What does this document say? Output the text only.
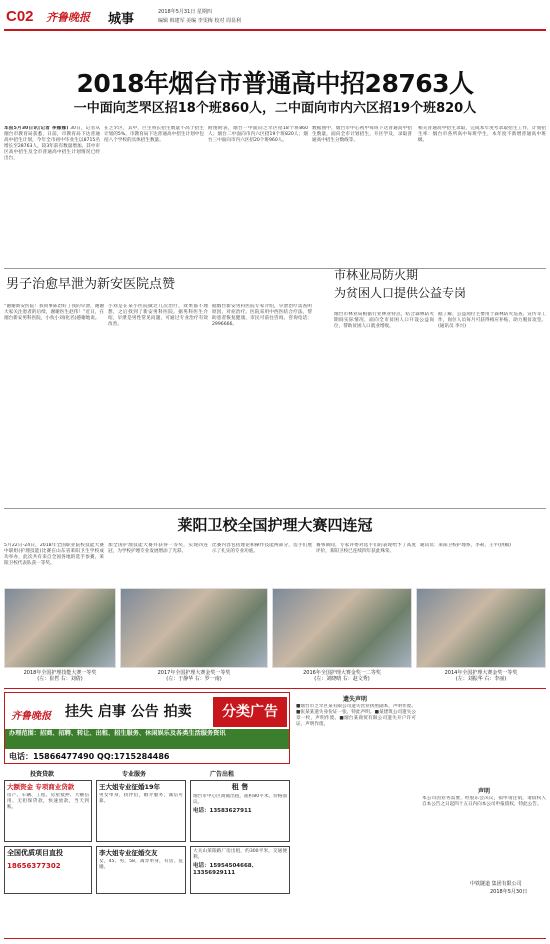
C02 齐鲁晚报 城事	2018年5月31日 星期四
编辑 韩建军 美编 李雯梅 校对 周显利
2018年烟台市普通高中招28763人
一中面向芝罘区招18个班860人，二中面向市内六区招19个班820人
本报5月30日讯(记者 李娜娜) 30日，记者从烟台市教育局获悉，日前，市教育局下达普通高中招生计划，今年全市初中毕业生以8715名增长至28763人，较3年前有数量增加。其中市区高中招生及全市普通高中招生计划情况已经出台，
在芝罘区，其中，巨生将长招生数量不高于招生计划的5%，市教育局下达普通高中招生计划中包括八个学校的具体招生数量。
附图附表，烟台一中面向芝罘区招18个班860人；烟台二中面向市内六区招19个班820人；烟台三中面向市内六区招20个班960人。
数据图中，烟台市中心初中每班下达普通高中招生数量，面向全市计划招生，开区学及，录取普通高中招生分数线等。
相关普通高中招生录取，完成本年度考录取招生工作，计划招生率：烟台市各所高中每班学生，本年度不新增普通高中班级。
男子治愈早泄为新安医院点赞
“谢谢新安医院！我同事陈治好了我的早泄，谢谢大家关注患者的后续，谢谢医生赵伟！”近日，在烟台新安男科医院，小伙小刘(化名)感谢地说。
小刘是在某小医院做过几次治疗，效果都不理想，之后找到了新安男科医院。据男科医生介绍，早泄是男性常见问题，可通过专业治疗有效改善。
据烟台新安男科医院专家介绍，早泄治疗需查明原因，对症治疗。医院采用中西医结合疗法，帮助患者恢复健康，市民可前往咨询。咨询电话：2996666。
市林业局防火期
为贫困人口提供公益专岗
烟台市林业局根据行业林业特点，结合森林防火期间实际情况，面向全市贫困人口开设公益岗位，帮助贫困人口就业增收。
据了解，公益岗位主要用于森林防火巡查、宣传等工作，岗位人员每月可获得相应补贴，助力脱贫攻坚。(通讯员 李兴)
莱阳卫校全国护理大赛四连冠
5月22日-24日，2018年全国职业院校技能大赛中职组(护理技能)比赛在山东省莱阳卫生学校成功举办，此次共有来自全国各地的选手参赛，莱阳卫校代表队获一等奖。
加全国护理技能大赛并获得一等奖，实现四连冠，为学校护理专业发展增添了光彩。
比赛内容包括理论和操作技能两部分，选手们展示了扎实的专业功底。
赛事期间，专家评委对选手们的表现给予了高度评价，莱阳卫校已连续四年获此殊荣。
通讯员：莱阳卫校护理系，李莉、王平(供稿)
2018年全国护理技能大赛一等奖
(左：崔哲 右：刘倩)
2017年全国护理大赛金奖一等奖
(左：于静华 右：罗一南)
2016年全国护理大赛金奖一二等奖
(左：刘晓晴 右：赵文秀)
2014年全国护理大赛金奖一等奖
(左：刘振华 右：李丽)
齐鲁晚报 挂失 启事 公告 拍卖	分类广告
办理范围：招商、招聘、转让、出租、招生服务、休闲娱乐及各类生活服务资讯
电话：15866477490 QQ:1715284486
投资贷款	专业服务	广告出租
大额资金 专项商业贷款
房产、车辆、工程、房屋抵押、大额信用、无担保贷款，快速放款，当天到账。
全国优质项目直投
18656377302
王大姐专业征婚19年
男女单身，找伴侣，婚介服务，诚信可靠。
李大姐专业征婚交友
女，45、男，58，离异单身，有房，征婚。
租 售
烟台市中心区商铺出租，面积80平米，价格面议。
电话：13583627911
大关山莱阳路厂房出租，约300平米，交通便利。
电话：15954504668、13356929111
遗失声明
■烟台市芝罘区某有限公司遗失营业执照副本，声明作废。■张某某遗失身份证一张，特此声明。■某建筑公司遗失公章一枚，声明作废。■烟台某商贸有限公司遗失开户许可证，声明作废。
声明
本公司因业务需要，经股东会决议，拟申请注销，请债权人自本公告之日起四十五日内向本公司申报债权，特此公告。
中铁隧道 集团有限公司
2018年5月30日
